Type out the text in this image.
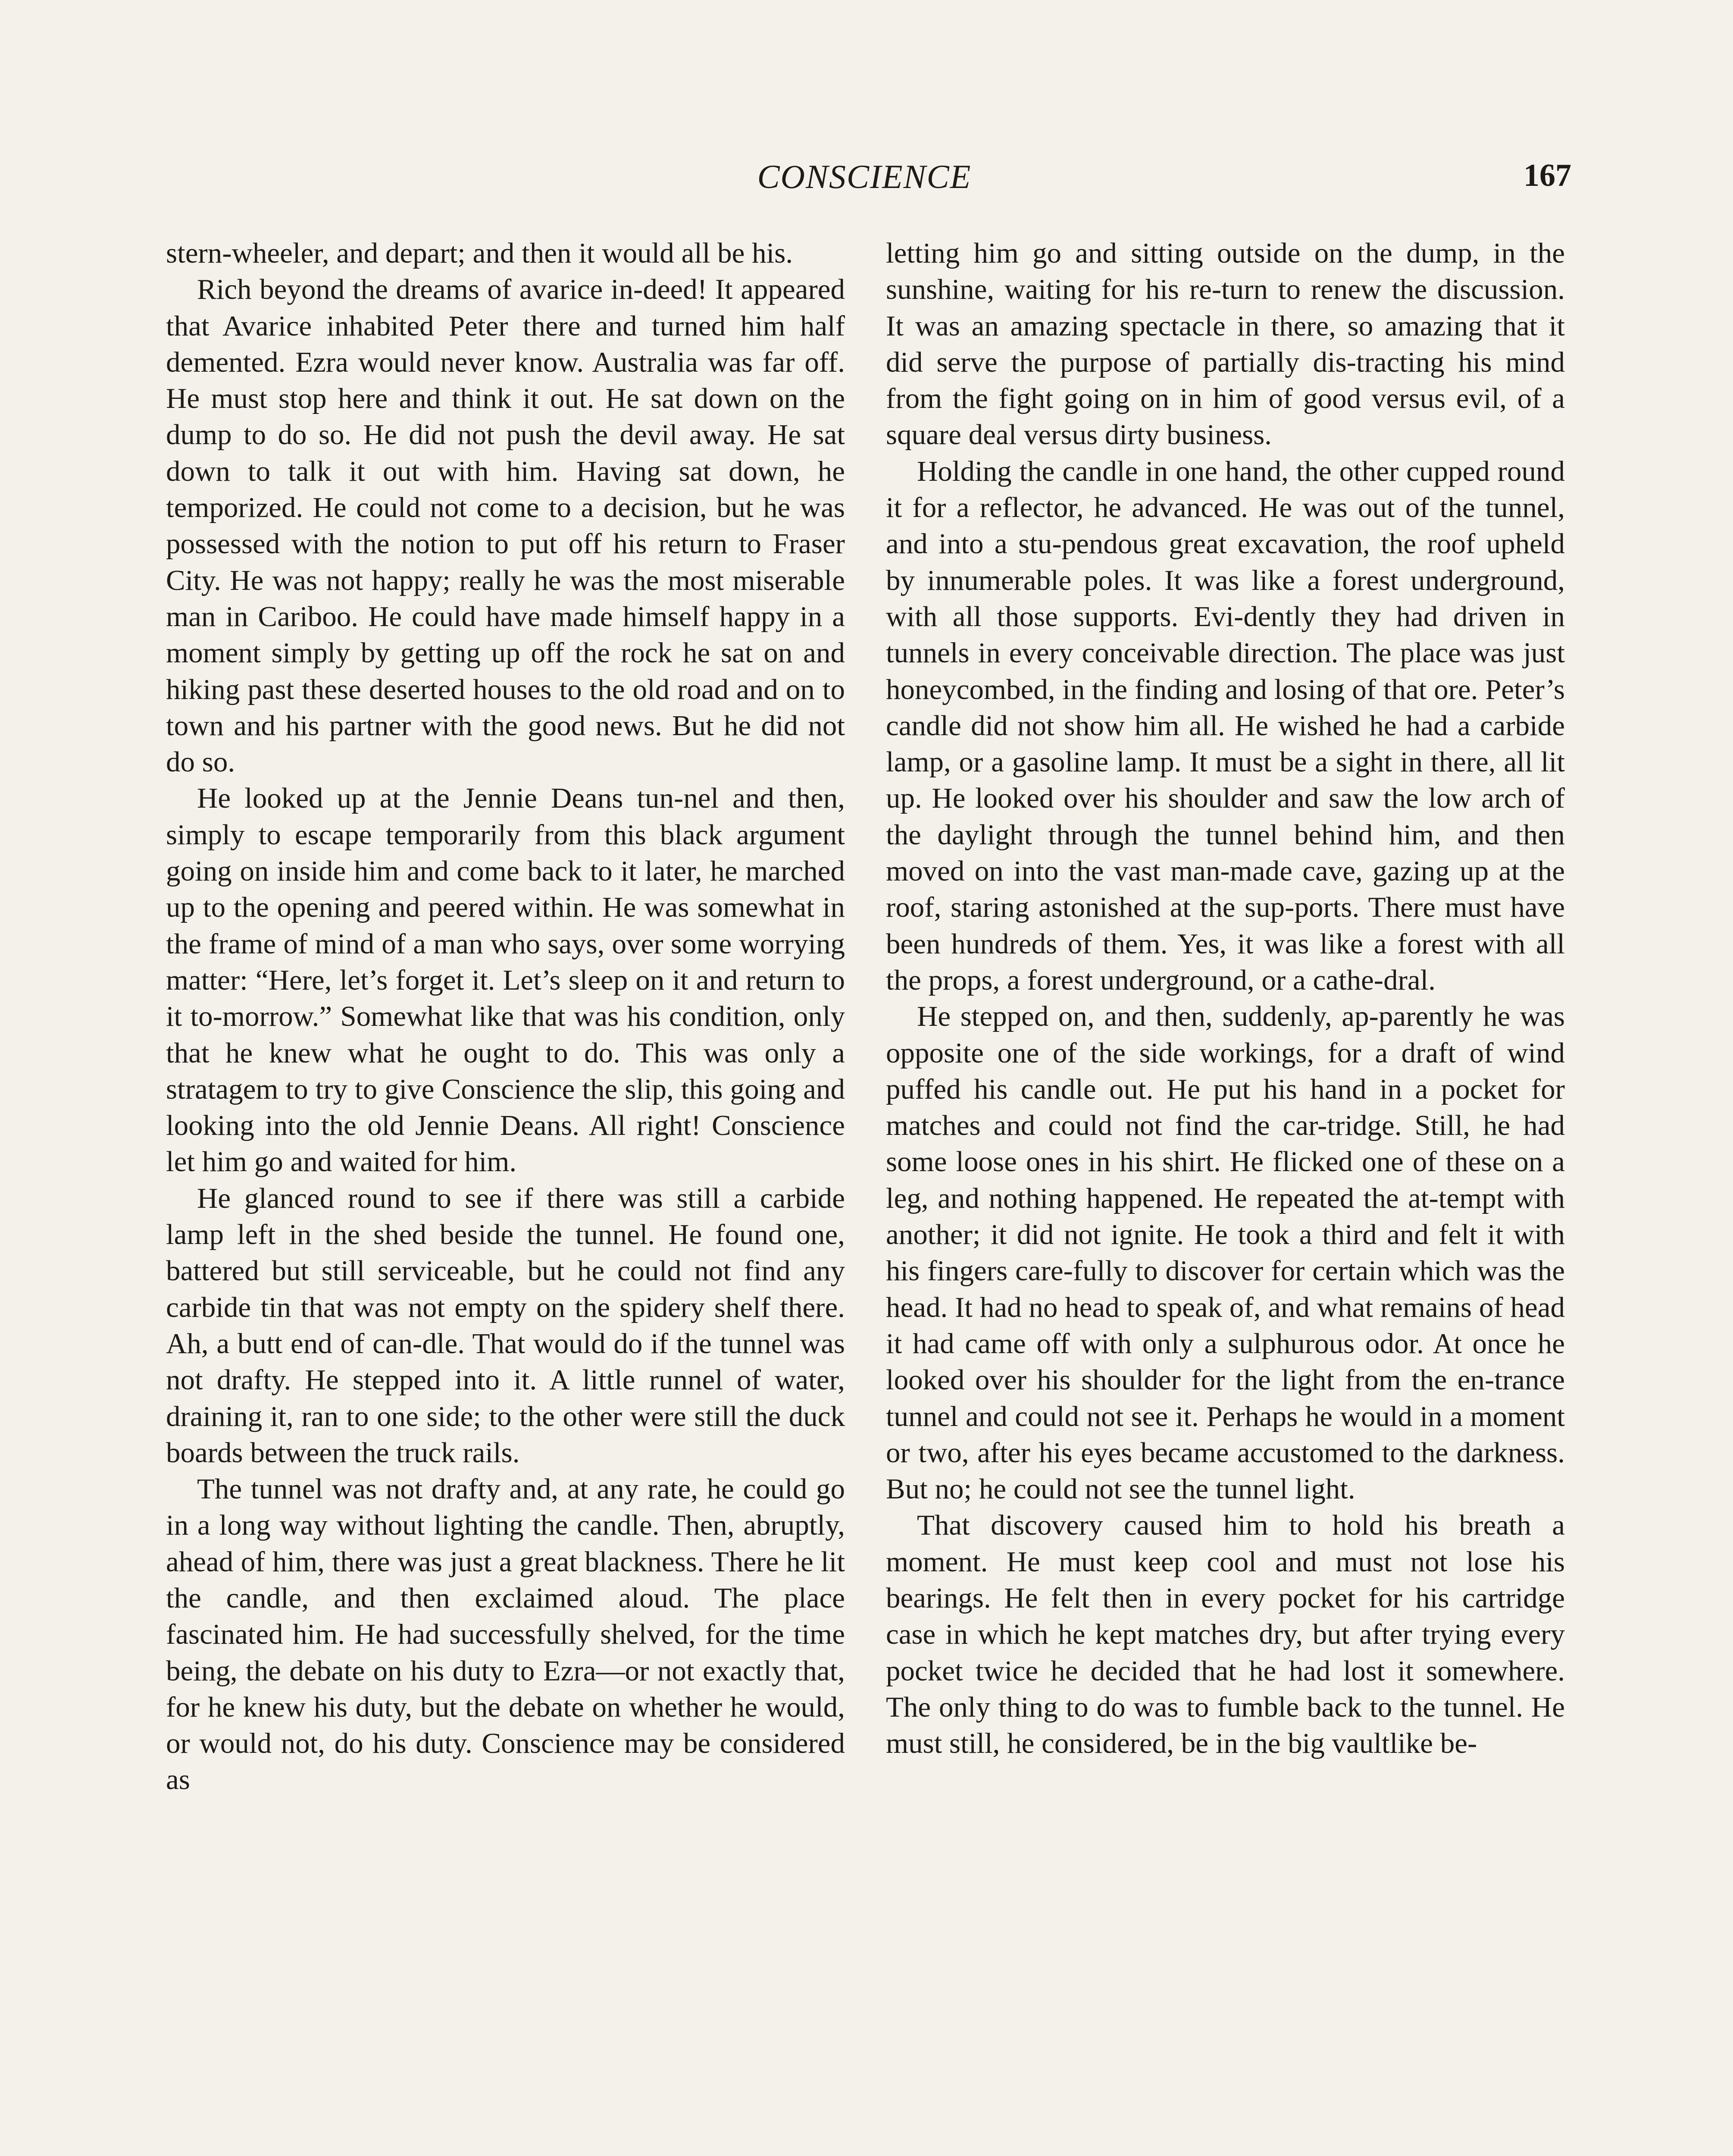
CONSCIENCE	167

stern-wheeler, and depart; and then it would all be his.

Rich beyond the dreams of avarice in-deed! It appeared that Avarice inhabited Peter there and turned him half demented. Ezra would never know. Australia was far off. He must stop here and think it out. He sat down on the dump to do so. He did not push the devil away. He sat down to talk it out with him. Having sat down, he temporized. He could not come to a decision, but he was possessed with the notion to put off his return to Fraser City. He was not happy; really he was the most miserable man in Cariboo. He could have made himself happy in a moment simply by getting up off the rock he sat on and hiking past these deserted houses to the old road and on to town and his partner with the good news. But he did not do so.

He looked up at the Jennie Deans tun-nel and then, simply to escape temporarily from this black argument going on inside him and come back to it later, he marched up to the opening and peered within. He was somewhat in the frame of mind of a man who says, over some worrying matter: “Here, let’s forget it. Let’s sleep on it and return to it to-morrow.” Somewhat like that was his condition, only that he knew what he ought to do. This was only a stratagem to try to give Conscience the slip, this going and looking into the old Jennie Deans. All right! Conscience let him go and waited for him.

He glanced round to see if there was still a carbide lamp left in the shed beside the tunnel. He found one, battered but still serviceable, but he could not find any carbide tin that was not empty on the spidery shelf there. Ah, a butt end of can-dle. That would do if the tunnel was not drafty. He stepped into it. A little runnel of water, draining it, ran to one side; to the other were still the duck boards between the truck rails.

The tunnel was not drafty and, at any rate, he could go in a long way without lighting the candle. Then, abruptly, ahead of him, there was just a great blackness. There he lit the candle, and then exclaimed aloud. The place fascinated him. He had successfully shelved, for the time being, the debate on his duty to Ezra—or not exactly that, for he knew his duty, but the debate on whether he would, or would not, do his duty. Conscience may be considered as

letting him go and sitting outside on the dump, in the sunshine, waiting for his re-turn to renew the discussion. It was an amazing spectacle in there, so amazing that it did serve the purpose of partially dis-tracting his mind from the fight going on in him of good versus evil, of a square deal versus dirty business.

Holding the candle in one hand, the other cupped round it for a reflector, he advanced. He was out of the tunnel, and into a stu-pendous great excavation, the roof upheld by innumerable poles. It was like a forest underground, with all those supports. Evi-dently they had driven in tunnels in every conceivable direction. The place was just honeycombed, in the finding and losing of that ore. Peter’s candle did not show him all. He wished he had a carbide lamp, or a gasoline lamp. It must be a sight in there, all lit up. He looked over his shoulder and saw the low arch of the daylight through the tunnel behind him, and then moved on into the vast man-made cave, gazing up at the roof, staring astonished at the sup-ports. There must have been hundreds of them. Yes, it was like a forest with all the props, a forest underground, or a cathe-dral.

He stepped on, and then, suddenly, ap-parently he was opposite one of the side workings, for a draft of wind puffed his candle out. He put his hand in a pocket for matches and could not find the car-tridge. Still, he had some loose ones in his shirt. He flicked one of these on a leg, and nothing happened. He repeated the at-tempt with another; it did not ignite. He took a third and felt it with his fingers care-fully to discover for certain which was the head. It had no head to speak of, and what remains of head it had came off with only a sulphurous odor. At once he looked over his shoulder for the light from the en-trance tunnel and could not see it. Perhaps he would in a moment or two, after his eyes became accustomed to the darkness. But no; he could not see the tunnel light.

That discovery caused him to hold his breath a moment. He must keep cool and must not lose his bearings. He felt then in every pocket for his cartridge case in which he kept matches dry, but after trying every pocket twice he decided that he had lost it somewhere. The only thing to do was to fumble back to the tunnel. He must still, he considered, be in the big vaultlike be-
